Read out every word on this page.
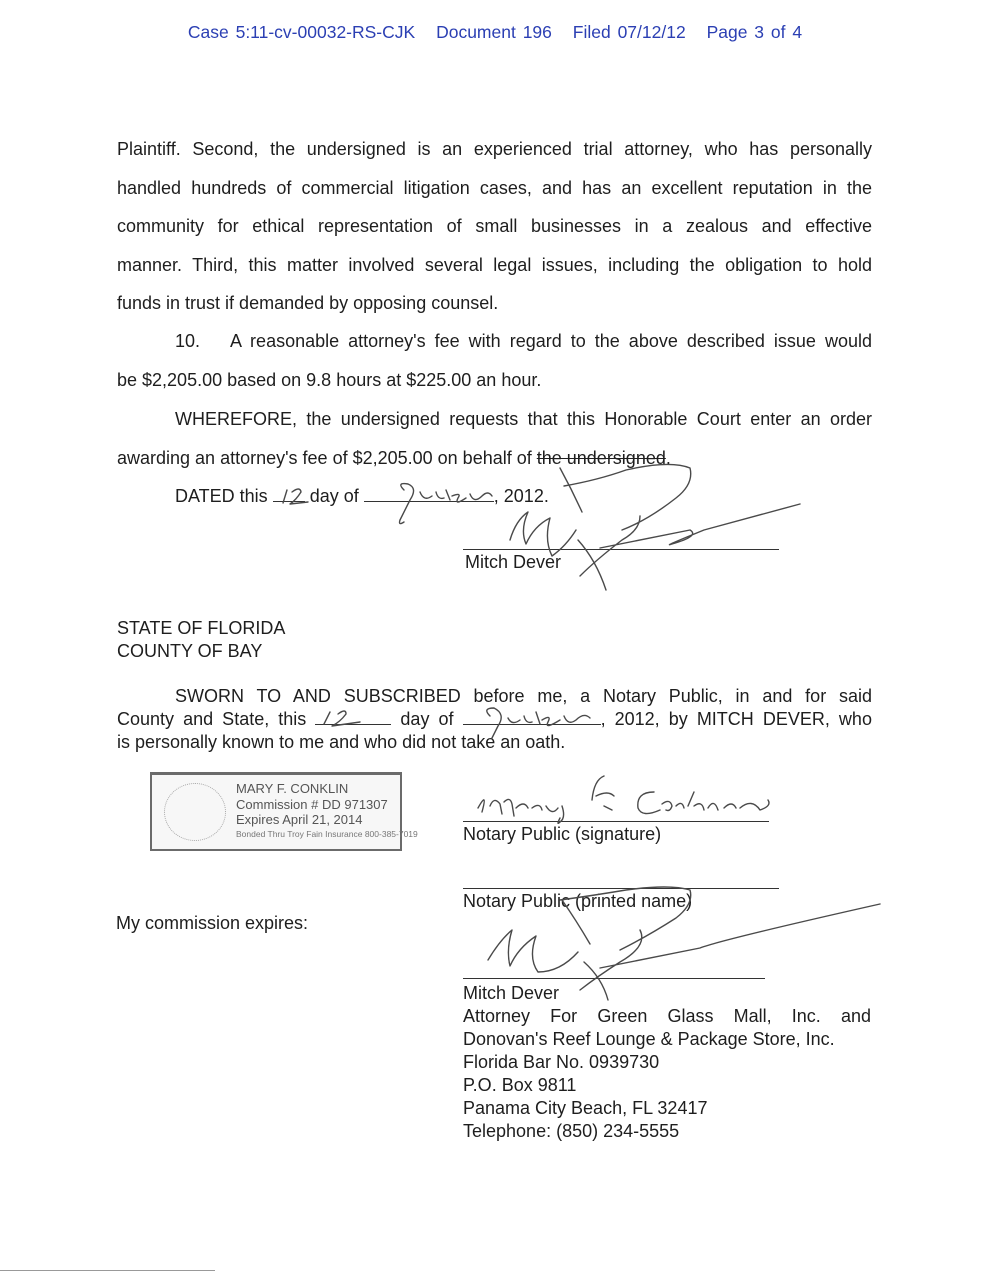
Case 5:11-cv-00032-RS-CJK Document 196 Filed 07/12/12 Page 3 of 4
Plaintiff. Second, the undersigned is an experienced trial attorney, who has personally
handled hundreds of commercial litigation cases, and has an excellent reputation in the
community for ethical representation of small businesses in a zealous and effective
manner. Third, this matter involved several legal issues, including the obligation to hold
funds in trust if demanded by opposing counsel.
10. A reasonable attorney's fee with regard to the above described issue would
be $2,205.00 based on 9.8 hours at $225.00 an hour.
WHEREFORE, the undersigned requests that this Honorable Court enter an order
awarding an attorney's fee of $2,205.00 on behalf of the undersigned.
DATED this day of	, 2012.
Mitch Dever
STATE OF FLORIDA
COUNTY OF BAY
SWORN TO AND SUBSCRIBED before me, a Notary Public, in and for said
County and State, this	day of	, 2012, by MITCH DEVER, who
is personally known to me and who did not take an oath.
MARY F. CONKLIN
Commission # DD 971307
Expires April 21, 2014
Bonded Thru Troy Fain Insurance 800-385-7019	Notary Public (signature)
Notary Public (printed name)
My commission expires:
Mitch Dever
Attorney For Green Glass Mall, Inc. and
Donovan's Reef Lounge & Package Store, Inc.
Florida Bar No. 0939730
P.O. Box 9811
Panama City Beach, FL 32417
Telephone: (850) 234-5555
